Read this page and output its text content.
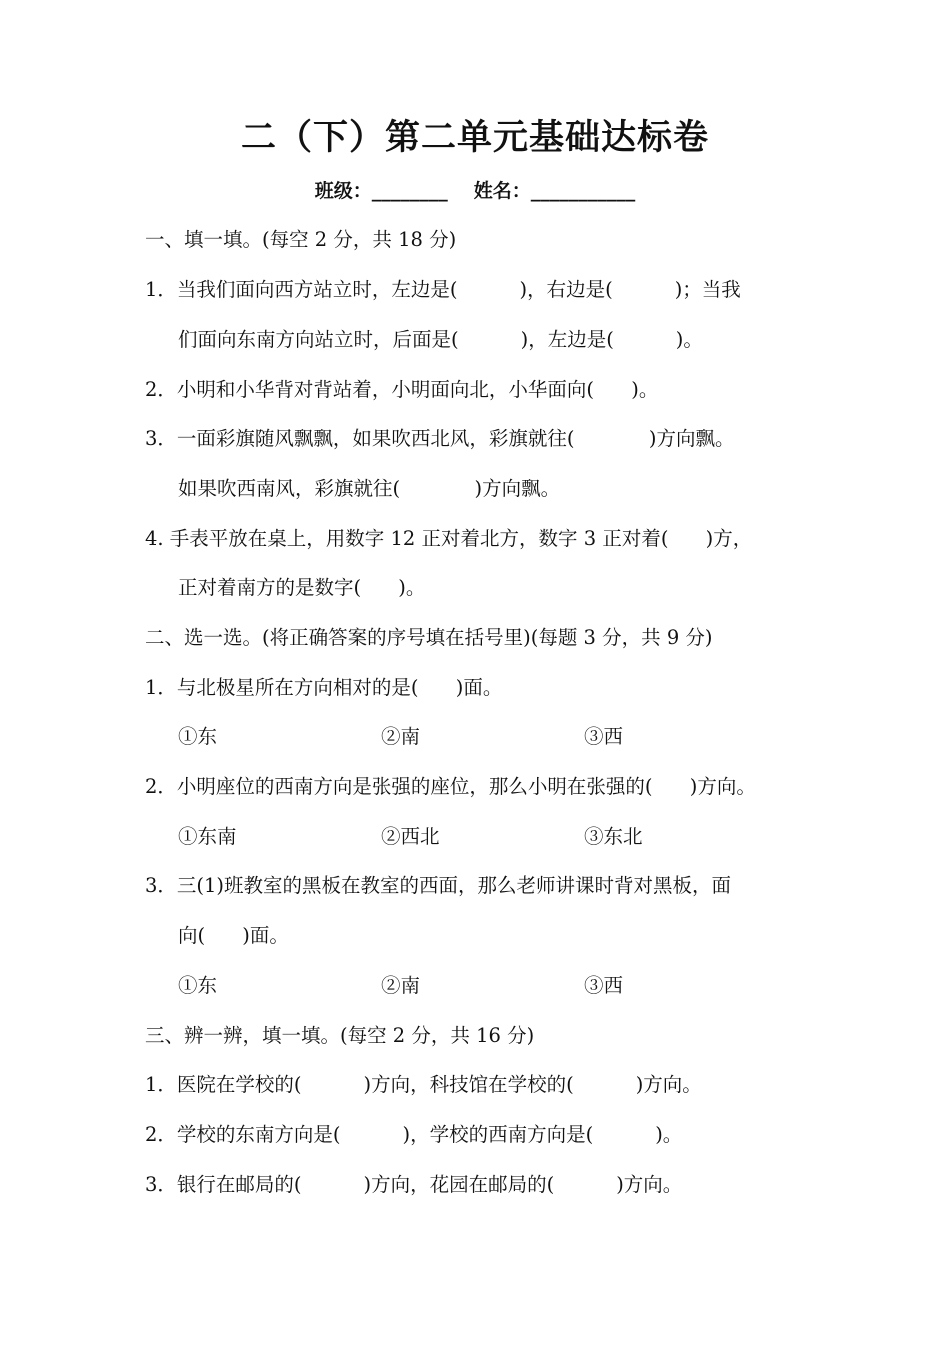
二（下）第二单元基础达标卷
班级：________ 姓名：___________
一、填一填。(每空 2 分，共 18 分)
1．当我们面向西方站立时，左边是(          )，右边是(          )；当我
们面向东南方向站立时，后面是(          )，左边是(          )。
2．小明和小华背对背站着，小明面向北，小华面向(      )。
3．一面彩旗随风飘飘，如果吹西北风，彩旗就往(            )方向飘。
如果吹西南风，彩旗就往(            )方向飘。
4. 手表平放在桌上，用数字 12 正对着北方，数字 3 正对着(      )方，
正对着南方的是数字(      )。
二、选一选。(将正确答案的序号填在括号里)(每题 3 分，共 9 分)
1．与北极星所在方向相对的是(      )面。
①东	②南	③西
2．小明座位的西南方向是张强的座位，那么小明在张强的(      )方向。
①东南	②西北	③东北
3．三(1)班教室的黑板在教室的西面，那么老师讲课时背对黑板，面
向(      )面。
①东	②南	③西
三、辨一辨，填一填。(每空 2 分，共 16 分)
1．医院在学校的(          )方向，科技馆在学校的(          )方向。
2．学校的东南方向是(          )，学校的西南方向是(          )。
3．银行在邮局的(          )方向，花园在邮局的(          )方向。
